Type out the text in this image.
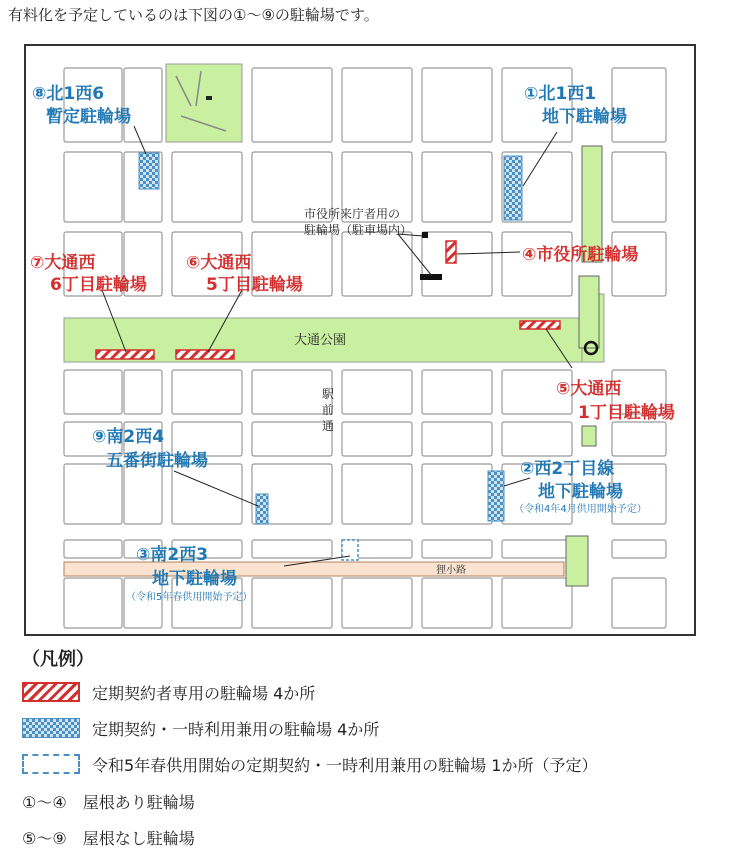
有料化を予定しているのは下図の①～⑨の駐輪場です。
狸小路
⑧北1西6
暫定駐輪場
①北1西1
地下駐輪場
④市役所駐輪場
⑦大通西
6丁目駐輪場
⑥大通西
5丁目駐輪場
⑤大通西
1丁目駐輪場
⑨南2西4
五番街駐輪場	②西2丁目線
地下駐輪場
③南2西3
地下駐輪場
（令和4年4月供用開始予定）
（令和5年春供用開始予定）
市役所来庁者用の
駐輪場（駐車場内）
大通公園
駅
前
通
（凡例）
定期契約者専用の駐輪場 4か所
定期契約・一時利用兼用の駐輪場 4か所
令和5年春供用開始の定期契約・一時利用兼用の駐輪場 1か所（予定）
①～④　屋根あり駐輪場
⑤～⑨　屋根なし駐輪場
